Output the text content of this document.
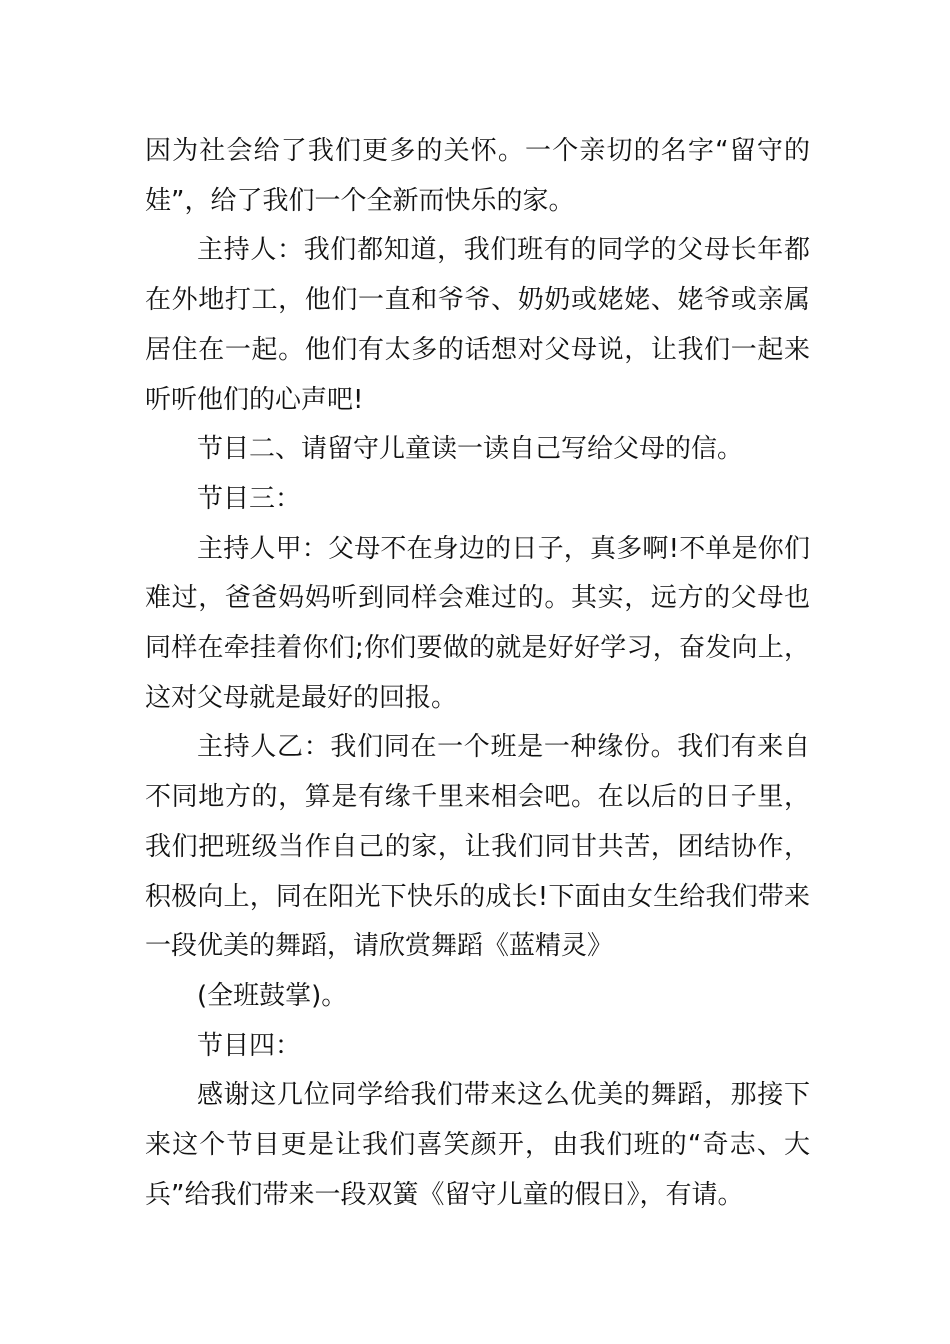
因为社会给了我们更多的关怀。一个亲切的名字“留守的娃”，给了我们一个全新而快乐的家。

主持人：我们都知道，我们班有的同学的父母长年都在外地打工，他们一直和爷爷、奶奶或姥姥、姥爷或亲属居住在一起。他们有太多的话想对父母说，让我们一起来听听他们的心声吧!

节目二、请留守儿童读一读自己写给父母的信。

节目三：

主持人甲：父母不在身边的日子，真多啊!不单是你们难过，爸爸妈妈听到同样会难过的。其实，远方的父母也同样在牵挂着你们;你们要做的就是好好学习，奋发向上，这对父母就是最好的回报。

主持人乙：我们同在一个班是一种缘份。我们有来自不同地方的，算是有缘千里来相会吧。在以后的日子里，我们把班级当作自己的家，让我们同甘共苦，团结协作，积极向上，同在阳光下快乐的成长!下面由女生给我们带来一段优美的舞蹈，请欣赏舞蹈《蓝精灵》

(全班鼓掌)。

节目四：

感谢这几位同学给我们带来这么优美的舞蹈，那接下来这个节目更是让我们喜笑颜开，由我们班的“奇志、大兵”给我们带来一段双簧《留守儿童的假日》，有请。
